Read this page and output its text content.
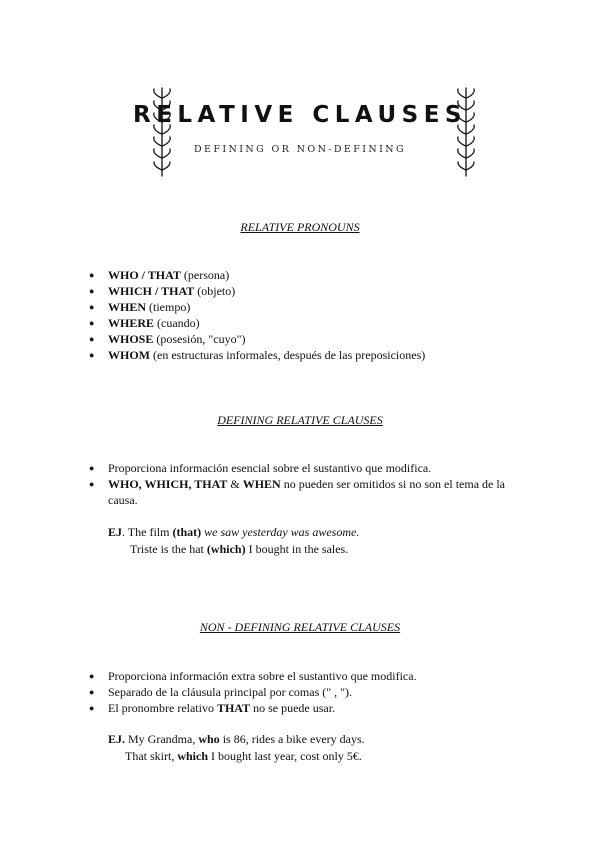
RELATIVE CLAUSES
DEFINING OR NON-DEFINING
RELATIVE PRONOUNS
● WHO / THAT (persona)
● WHICH / THAT (objeto)
● WHEN (tiempo)
● WHERE (cuando)
● WHOSE (posesión, "cuyo")
● WHOM (en estructuras informales, después de las preposiciones)
DEFINING RELATIVE CLAUSES
● Proporciona información esencial sobre el sustantivo que modifica.
● WHO, WHICH, THAT & WHEN no pueden ser omitidos si no son el tema de la causa.
EJ. The film (that) we saw yesterday was awesome.
Triste is the hat (which) I bought in the sales.
NON - DEFINING RELATIVE CLAUSES
● Proporciona información extra sobre el sustantivo que modifica.
● Separado de la cláusula principal por comas (" , ").
● El pronombre relativo THAT no se puede usar.
EJ. My Grandma, who is 86, rides a bike every days.
That skirt, which I bought last year, cost only 5€.
